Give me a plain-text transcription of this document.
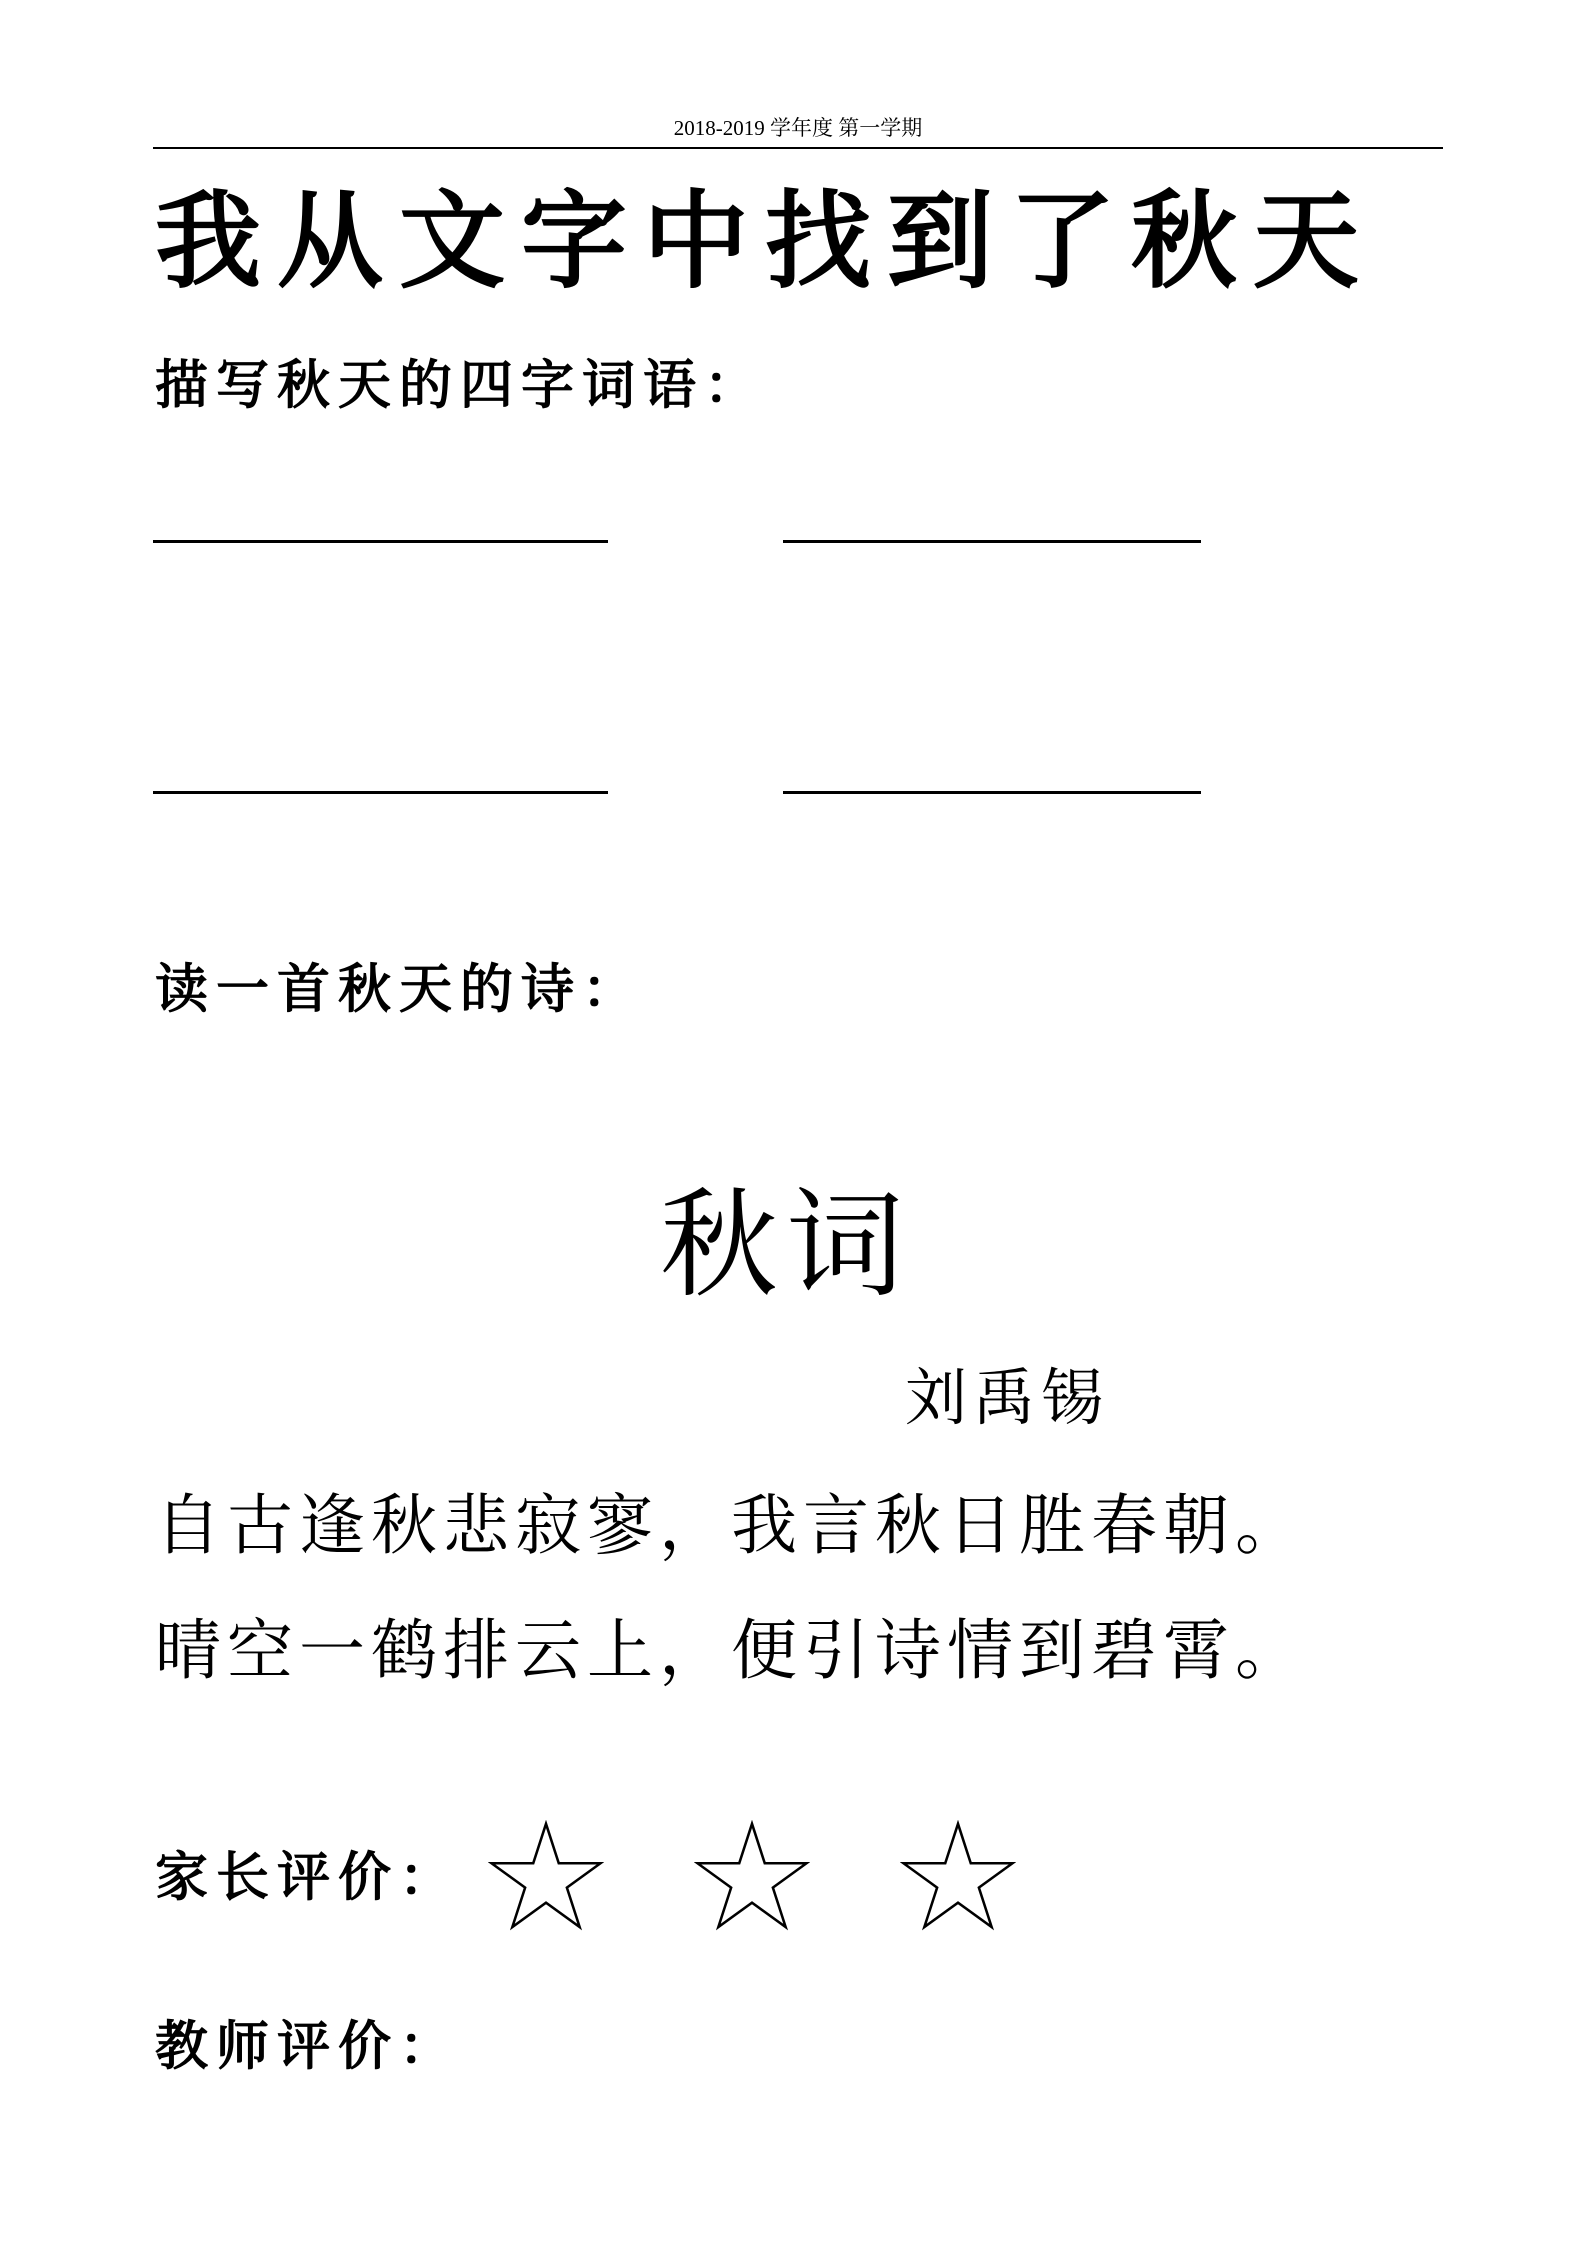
2018-2019 学年度 第一学期
我从文字中找到了秋天
描写秋天的四字词语：
读一首秋天的诗：
秋词
刘禹锡
自古逢秋悲寂寥，我言秋日胜春朝。
晴空一鹤排云上，便引诗情到碧霄。
家长评价：
教师评价：
